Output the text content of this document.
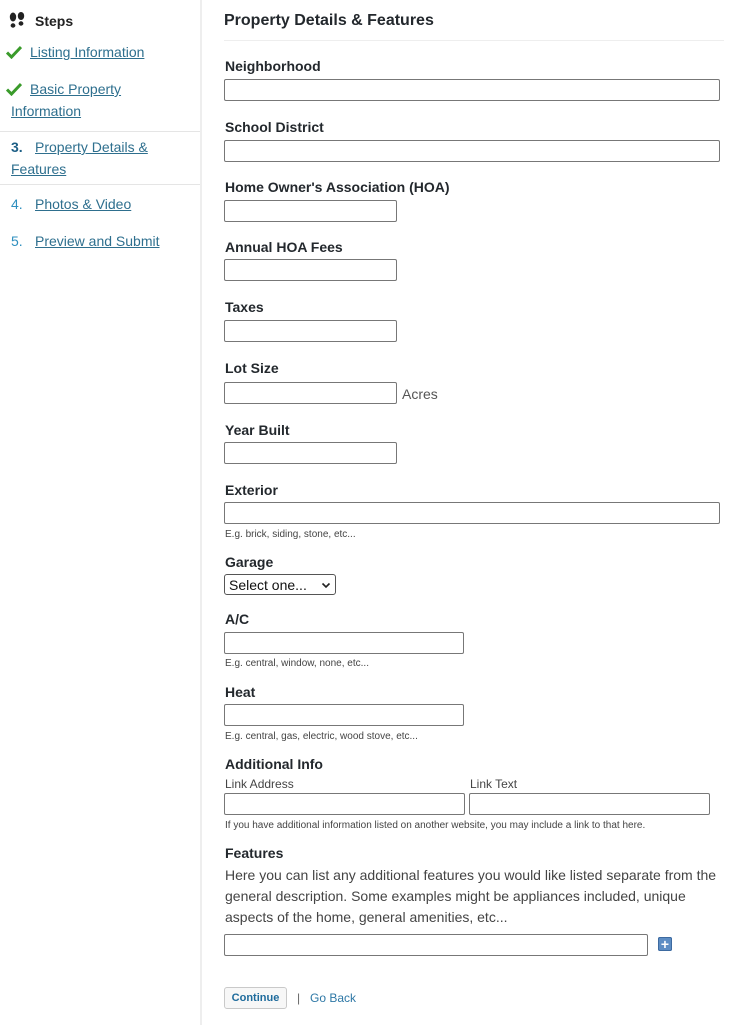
Steps
Listing Information
Basic Property
Information
3. Property Details &
Features
4. Photos & Video
5. Preview and Submit
Property Details & Features
Neighborhood
School District
Home Owner's Association (HOA)
Annual HOA Fees
Taxes
Lot Size
Acres
Year Built
Exterior
E.g. brick, siding, stone, etc...
Garage
Select one...
A/C
E.g. central, window, none, etc...
Heat
E.g. central, gas, electric, wood stove, etc...
Additional Info
Link Address	Link Text
If you have additional information listed on another website, you may include a link to that here.
Features
Here you can list any additional features you would like listed separate from the general description. Some examples might be appliances included, unique aspects of the home, general amenities, etc...
+
Continue	| Go Back
